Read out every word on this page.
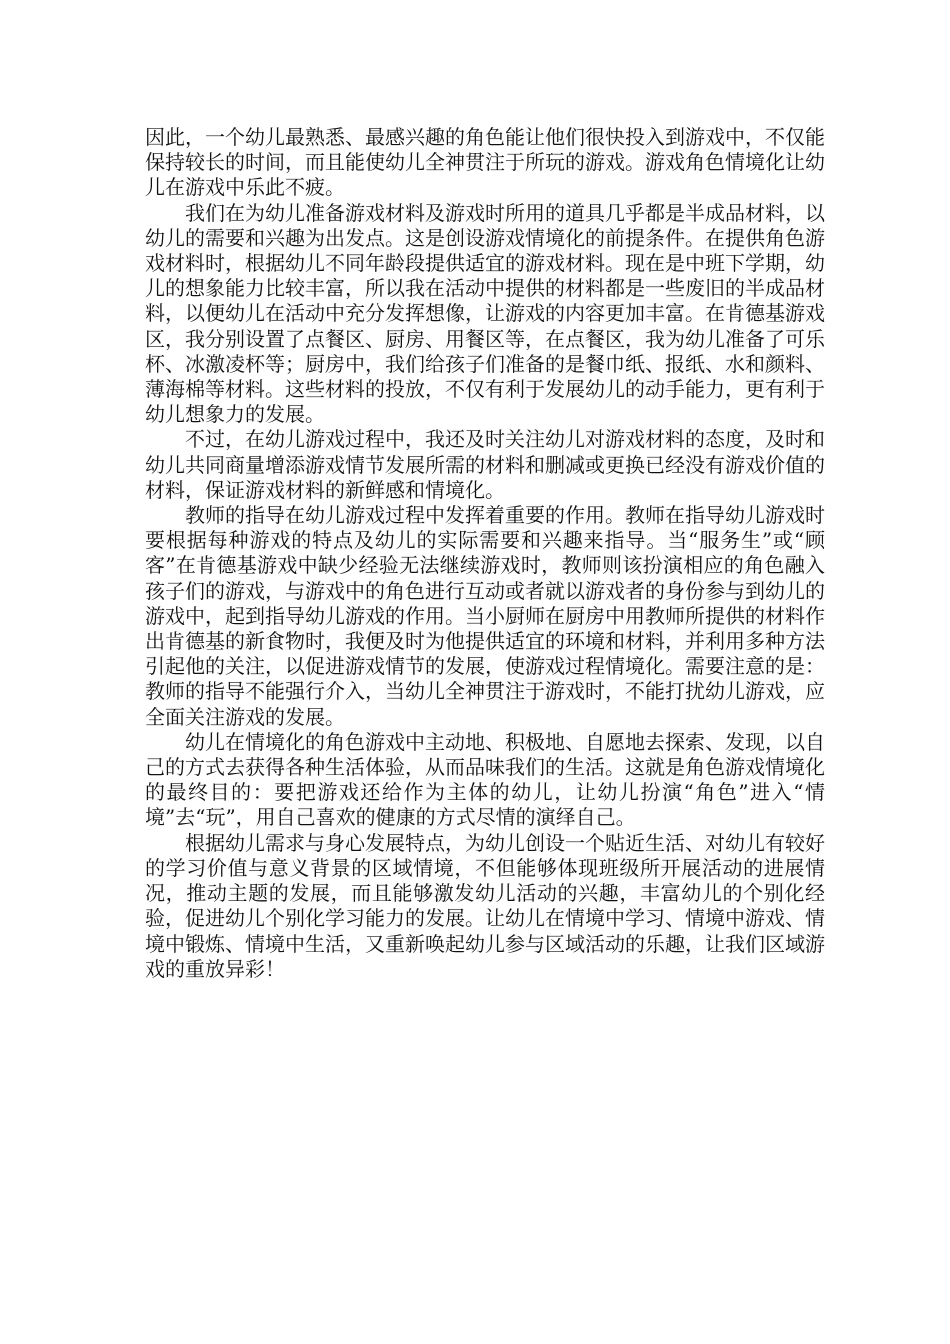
因此，一个幼儿最熟悉、最感兴趣的角色能让他们很快投入到游戏中，不仅能保持较长的时间，而且能使幼儿全神贯注于所玩的游戏。游戏角色情境化让幼儿在游戏中乐此不疲。

我们在为幼儿准备游戏材料及游戏时所用的道具几乎都是半成品材料，以幼儿的需要和兴趣为出发点。这是创设游戏情境化的前提条件。在提供角色游戏材料时，根据幼儿不同年龄段提供适宜的游戏材料。现在是中班下学期，幼儿的想象能力比较丰富，所以我在活动中提供的材料都是一些废旧的半成品材料，以便幼儿在活动中充分发挥想像，让游戏的内容更加丰富。在肯德基游戏区，我分别设置了点餐区、厨房、用餐区等，在点餐区，我为幼儿准备了可乐杯、冰激凌杯等；厨房中，我们给孩子们准备的是餐巾纸、报纸、水和颜料、薄海棉等材料。这些材料的投放，不仅有利于发展幼儿的动手能力，更有利于幼儿想象力的发展。

不过，在幼儿游戏过程中，我还及时关注幼儿对游戏材料的态度，及时和幼儿共同商量增添游戏情节发展所需的材料和删减或更换已经没有游戏价值的材料，保证游戏材料的新鲜感和情境化。

教师的指导在幼儿游戏过程中发挥着重要的作用。教师在指导幼儿游戏时要根据每种游戏的特点及幼儿的实际需要和兴趣来指导。当“服务生”或“顾客”在肯德基游戏中缺少经验无法继续游戏时，教师则该扮演相应的角色融入孩子们的游戏，与游戏中的角色进行互动或者就以游戏者的身份参与到幼儿的游戏中，起到指导幼儿游戏的作用。当小厨师在厨房中用教师所提供的材料作出肯德基的新食物时，我便及时为他提供适宜的环境和材料，并利用多种方法引起他的关注，以促进游戏情节的发展，使游戏过程情境化。需要注意的是：教师的指导不能强行介入，当幼儿全神贯注于游戏时，不能打扰幼儿游戏，应全面关注游戏的发展。

幼儿在情境化的角色游戏中主动地、积极地、自愿地去探索、发现，以自己的方式去获得各种生活体验，从而品味我们的生活。这就是角色游戏情境化的最终目的：要把游戏还给作为主体的幼儿，让幼儿扮演“角色”进入“情境”去“玩”，用自己喜欢的健康的方式尽情的演绎自己。

根据幼儿需求与身心发展特点，为幼儿创设一个贴近生活、对幼儿有较好的学习价值与意义背景的区域情境，不但能够体现班级所开展活动的进展情况，推动主题的发展，而且能够激发幼儿活动的兴趣，丰富幼儿的个别化经验，促进幼儿个别化学习能力的发展。让幼儿在情境中学习、情境中游戏、情境中锻炼、情境中生活，又重新唤起幼儿参与区域活动的乐趣，让我们区域游戏的重放异彩！
